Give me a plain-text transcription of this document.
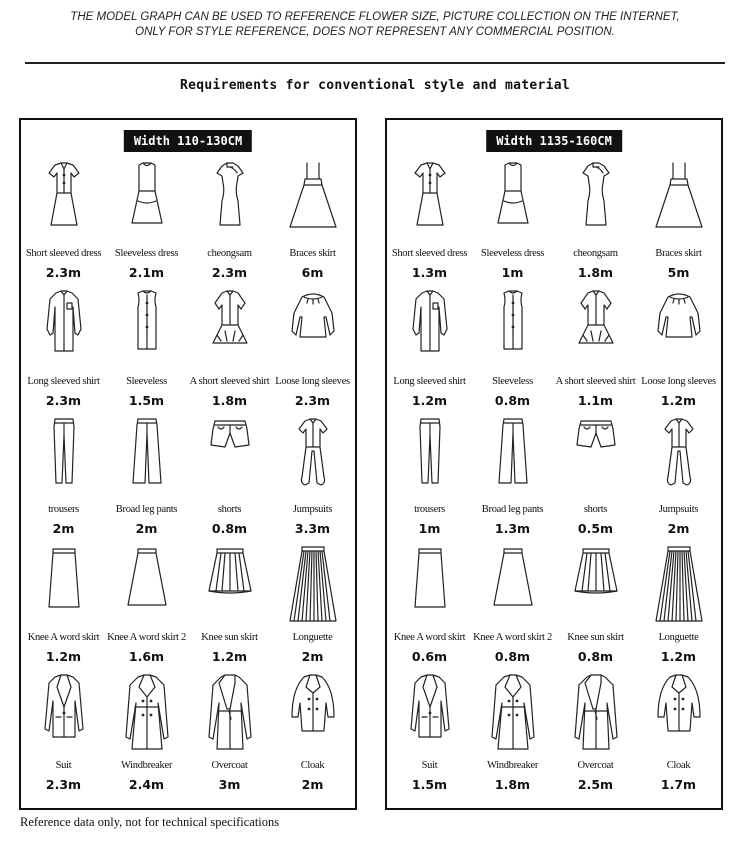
THE MODEL GRAPH CAN BE USED TO REFERENCE FLOWER SIZE, PICTURE COLLECTION ON THE INTERNET,
ONLY FOR STYLE REFERENCE, DOES NOT REPRESENT ANY COMMERCIAL POSITION.
Requirements for conventional style and material
Width 110-130CM
Short sleeved dress
2.3m
Sleeveless dress
2.1m
cheongsam
2.3m
Braces skirt
6m
Long sleeved shirt
2.3m
Sleeveless
1.5m
A short sleeved shirt
1.8m
Loose long sleeves
2.3m
trousers
2m
Broad leg pants
2m
shorts
0.8m
Jumpsuits
3.3m
Knee A word skirt
1.2m
Knee A word skirt 2
1.6m
Knee sun skirt
1.2m
Longuette
2m
Suit
2.3m
Windbreaker
2.4m
Overcoat
3m
Cloak
2m
Width 1135-160CM
Short sleeved dress
1.3m
Sleeveless dress
1m
cheongsam
1.8m
Braces skirt
5m
Long sleeved shirt
1.2m
Sleeveless
0.8m
A short sleeved shirt
1.1m
Loose long sleeves
1.2m
trousers
1m
Broad leg pants
1.3m
shorts
0.5m
Jumpsuits
2m
Knee A word skirt
0.6m
Knee A word skirt 2
0.8m
Knee sun skirt
0.8m
Longuette
1.2m
Suit
1.5m
Windbreaker
1.8m
Overcoat
2.5m
Cloak
1.7m
Reference data only, not for technical specifications
